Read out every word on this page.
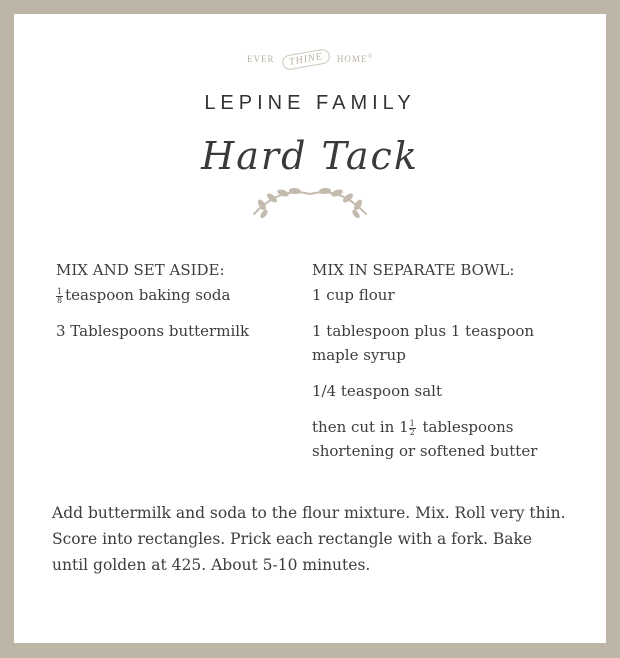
EVER THINE HOME®
LEPINE FAMILY
Hard Tack
MIX AND SET ASIDE:
$\frac{1}{8}$ teaspoon baking soda
3 Tablespoons buttermilk
MIX IN SEPARATE BOWL:
1 cup flour
1 tablespoon plus 1 teaspoon maple syrup
1/4 teaspoon salt
then cut in $1 \frac{1}{2}$ tablespoons shortening or softened butter
Add buttermilk and soda to the flour mixture. Mix. Roll very thin. Score into rectangles. Prick each rectangle with a fork. Bake until golden at 425. About 5-10 minutes.
